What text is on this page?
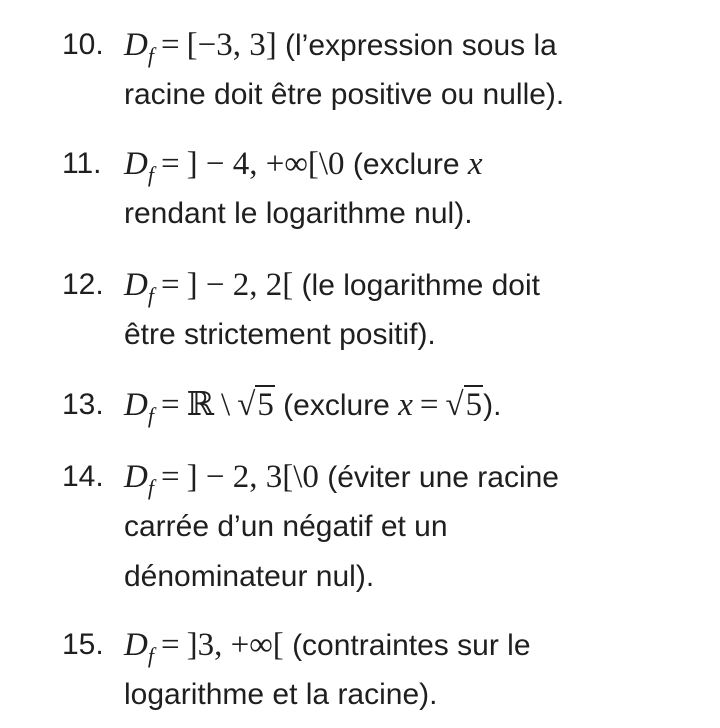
10. $D_f = [-3$, 3] (l’expression sous la
racine doit être positive ou nulle).
11. $D_f$ = ] − 4, +∞[\0 (exclure x
rendant le logarithme nul).
12. $D_f$ = ] − 2, 2[ (le logarithme doit
être strictement positif).
13. $D_f$ = ℝ \ √5 (exclure x = √5).
14. $D_f$ = ] − 2, 3[\0 (éviter une racine
carrée d’un négatif et un
dénominateur nul).
15. $D_f = ]3$, +∞[ (contraintes sur le
logarithme et la racine).
